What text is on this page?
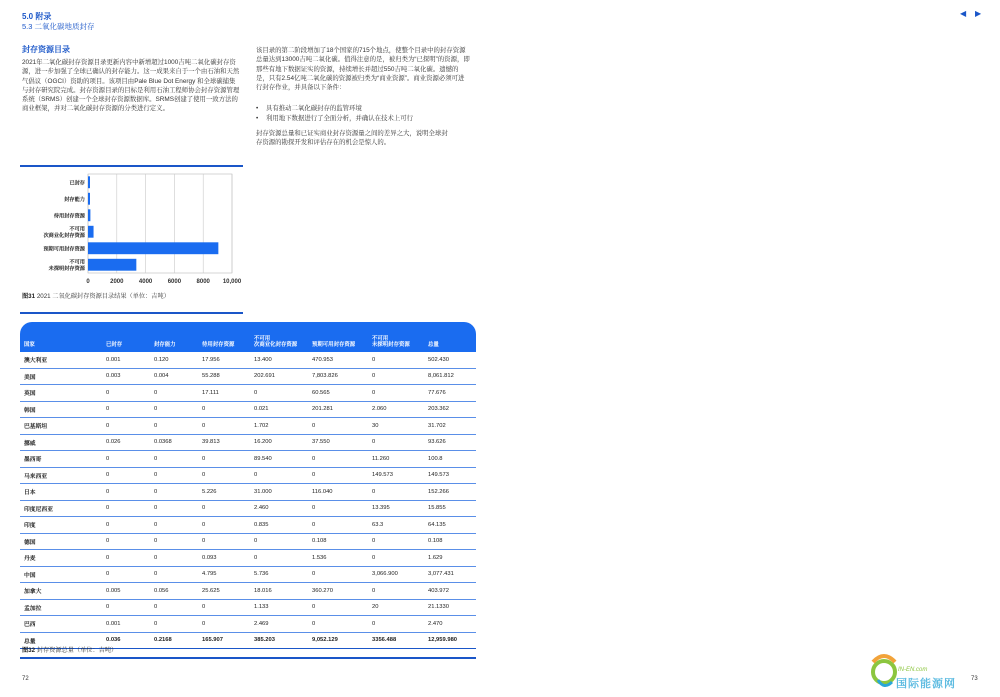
5.0 附录
5.3 二氧化碳地质封存
◀ ▶
封存资源目录
2021年二氧化碳封存资源目录更新内容中新增超过1000吉吨二氧化碳封存资源，进一步加强了全球已确认的封存能力。这一成果来自于一个由石油和天然气倡议（OGCI）资助的项目。该项目由Pale Blue Dot Energy 和全球碳捕集与封存研究院完成。封存资源目录的目标是利用石油工程师协会封存资源管理系统（SRMS）创建一个全球封存资源数据库。SRMS创建了使用一致方法的商业框架，并对二氧化碳封存资源的分类进行定义。
该目录的第二阶段增加了18个国家的715个地点，使整个目录中的封存资源总量达到13000吉吨二氧化碳。值得注意的是，被归类为“已探明”的资源，即那些有地下数据证实的资源，持续增长并超过550吉吨二氧化碳。遗憾的是，只有2.54亿吨二氧化碳的资源被归类为“商业资源”。商业资源必须可进行封存作业，并具备以下条件：
• 具有推动二氧化碳封存的监管环境
• 利用地下数据进行了全面分析，并确认在技术上可行
封存资源总量和已证实商业封存资源量之间的差异之大，说明全球封存资源的勘探开发和评估存在的机会是惊人的。
0	2000	4000	6000	8000 10,000
已封存
封存能力
待用封存资源
不可用次商业化封存资源
预期可用封存资源
不可用未探明封存资源
图31 2021 二氧化碳封存资源目录结果（单位：吉吨）
国家	已封存	封存能力	待用封存资源	不可用
次商业化封存资源	预期可用封存资源	不可用
未探明封存资源	总量
澳大利亚	0.001	0.120	17.956	13.400	470.953	0	502.430
美国	0.003	0.004	55.288	202.691	7,803.826	0	8,061.812
英国	0	0	17.111	0	60.565	0	77.676
韩国	0	0	0	0.021	201.281	2.060	203.362
巴基斯坦	0	0	0	1.702	0	30	31.702
挪威	0.026	0.0368	39.813	16.200	37.550	0	93.626
墨西哥	0	0	0	89.540	0	11.260	100.8
马来西亚	0	0	0	0	0	149.573	149.573
日本	0	0	5.226	31.000	116.040	0	152.266
印度尼西亚	0	0	0	2.460	0	13.395	15.855
印度	0	0	0	0.835	0	63.3	64.135
德国	0	0	0	0	0.108	0	0.108
丹麦	0	0	0.093	0	1.536	0	1.629
中国	0	0	4.795	5.736	0	3,066.900	3,077.431
加拿大	0.005	0.056	25.625	18.016	360.270	0	403.972
孟加拉	0	0	0	1.133	0	20	21.1330
巴西	0.001	0	0	2.469	0	0	2.470
总量	0.036	0.2168	165.907	385.203	9,052.129	3356.488	12,959.980
图32 封存资源总量（单位：吉吨）
72	73
IN-EN.com
国际能源网
